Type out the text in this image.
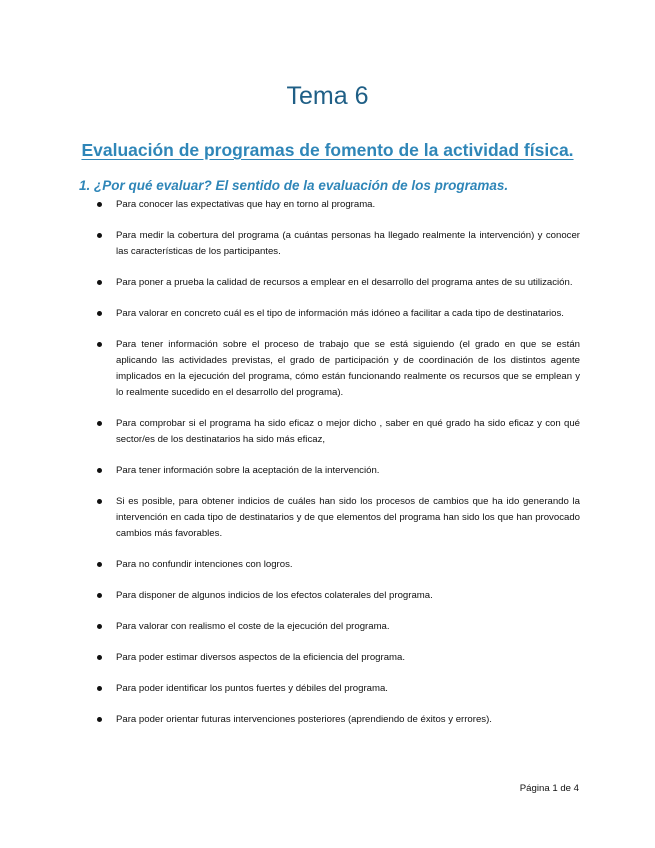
Tema 6
Evaluación de programas de fomento de la actividad física.
1. ¿Por qué evaluar? El sentido de la evaluación de los programas.
Para conocer las expectativas que hay en torno al programa.
Para medir la cobertura del programa (a cuántas personas ha llegado realmente la intervención) y conocer las características de los participantes.
Para poner a prueba la calidad de recursos a emplear en el desarrollo del programa antes de su utilización.
Para valorar en concreto cuál es el tipo de información más idóneo a facilitar a cada tipo de destinatarios.
Para tener información sobre el proceso de trabajo que se está siguiendo (el grado en que se están aplicando las actividades previstas, el grado de participación y de coordinación de los distintos agente implicados en la ejecución del programa, cómo están funcionando realmente os recursos que se emplean y lo realmente sucedido en el desarrollo del programa).
Para comprobar si el programa ha sido eficaz o mejor dicho , saber en qué grado ha sido eficaz y con qué sector/es de los destinatarios ha sido más eficaz,
Para tener información sobre la aceptación de la intervención.
Si es posible, para obtener indicios de cuáles han sido los procesos de cambios que ha ido generando la intervención en cada tipo de destinatarios y de que elementos del programa han sido los que han provocado cambios más favorables.
Para no confundir intenciones con logros.
Para disponer de algunos indicios de los efectos colaterales del programa.
Para valorar con realismo el coste de la ejecución del programa.
Para poder estimar diversos aspectos de la eficiencia del programa.
Para poder identificar los puntos fuertes y débiles del programa.
Para poder orientar futuras intervenciones posteriores (aprendiendo de éxitos y errores).
Página 1 de 4
